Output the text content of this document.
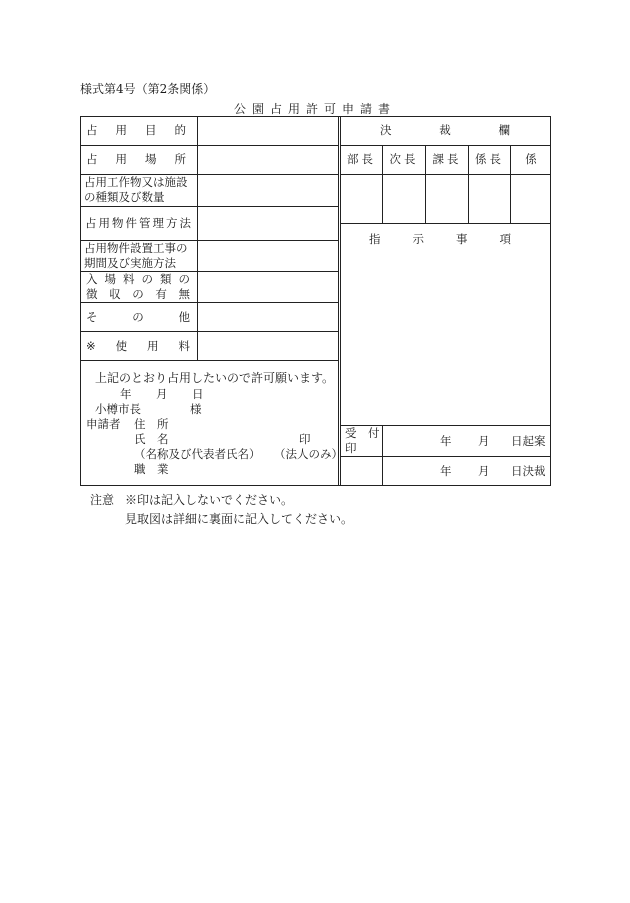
様式第4号（第2条関係）
公園占用許可申請書
占 用 目 的
占 用 場 所
占用工作物又は施設
の種類及び数量
占 用 物 件 管 理 方 法
占用物件設置工事の
期間及び実施方法
入 場 料 の 類 の
徴 収 の 有 無
そ	の	他
※ 使 用 料
上記のとおり占用したいので許可願います。
年 月 日
小樽市長	様
申請者 住　所
氏　名	印
（名称及び代表者氏名） （法人のみ）
職　業
決	裁	欄
部長	次長	課長	係長	係
指	示	事	項
受　付
印	年 月 日起案
年 月 日決裁
注意 ※印は記入しないでください。
見取図は詳細に裏面に記入してください。
